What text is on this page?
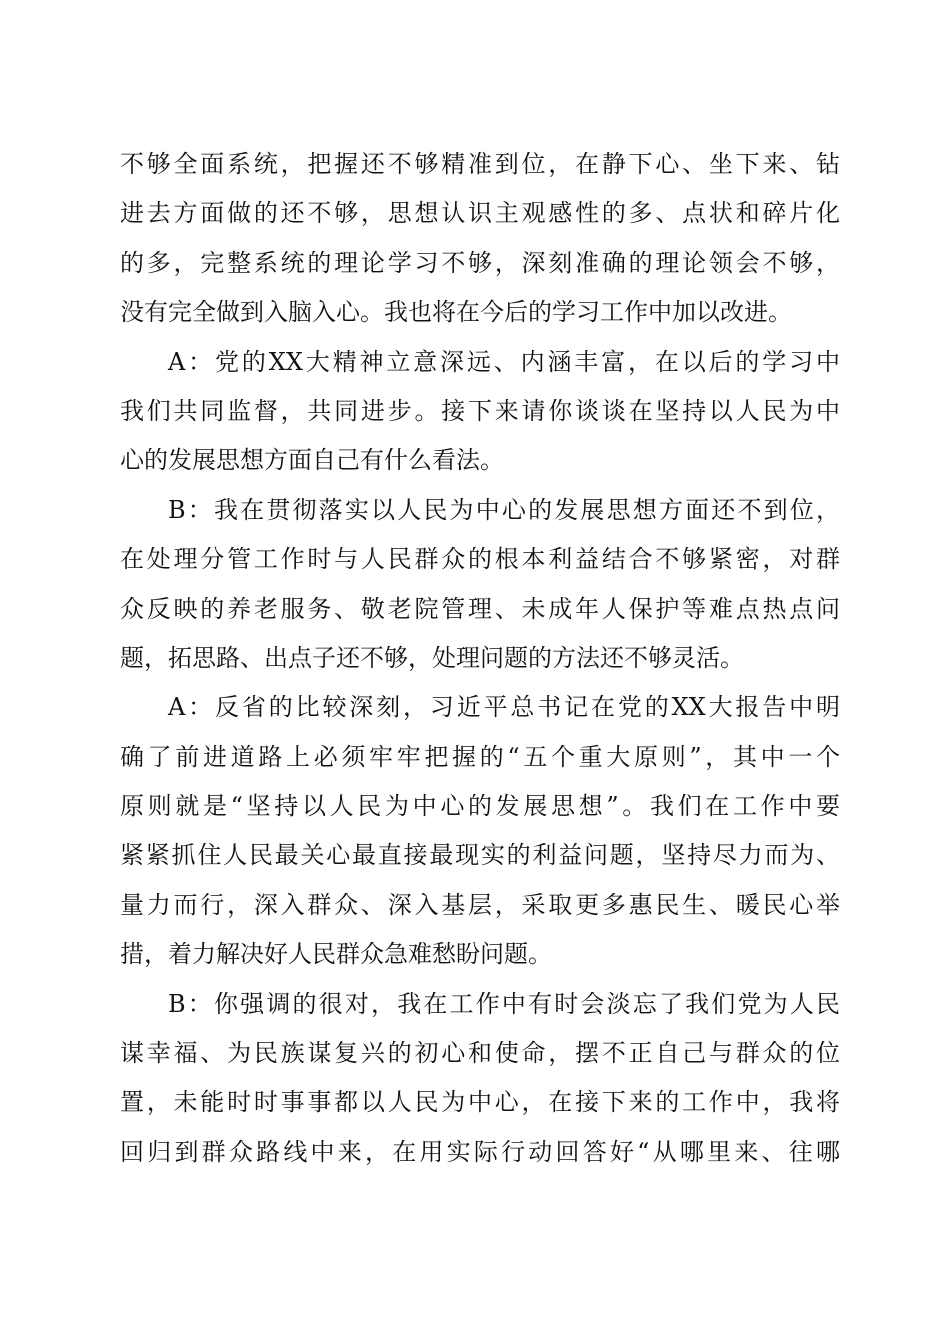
不够全面系统，把握还不够精准到位，在静下心、坐下来、钻
进去方面做的还不够，思想认识主观感性的多、点状和碎片化
的多，完整系统的理论学习不够，深刻准确的理论领会不够，
没有完全做到入脑入心。我也将在今后的学习工作中加以改进。
A：党的XX大精神立意深远、内涵丰富，在以后的学习中
我们共同监督，共同进步。接下来请你谈谈在坚持以人民为中
心的发展思想方面自己有什么看法。
B：我在贯彻落实以人民为中心的发展思想方面还不到位，
在处理分管工作时与人民群众的根本利益结合不够紧密，对群
众反映的养老服务、敬老院管理、未成年人保护等难点热点问
题，拓思路、出点子还不够，处理问题的方法还不够灵活。
A：反省的比较深刻，习近平总书记在党的XX大报告中明
确了前进道路上必须牢牢把握的“五个重大原则”，其中一个
原则就是“坚持以人民为中心的发展思想”。我们在工作中要
紧紧抓住人民最关心最直接最现实的利益问题，坚持尽力而为、
量力而行，深入群众、深入基层，采取更多惠民生、暖民心举
措，着力解决好人民群众急难愁盼问题。
B：你强调的很对，我在工作中有时会淡忘了我们党为人民
谋幸福、为民族谋复兴的初心和使命，摆不正自己与群众的位
置，未能时时事事都以人民为中心，在接下来的工作中，我将
回归到群众路线中来，在用实际行动回答好“从哪里来、往哪
